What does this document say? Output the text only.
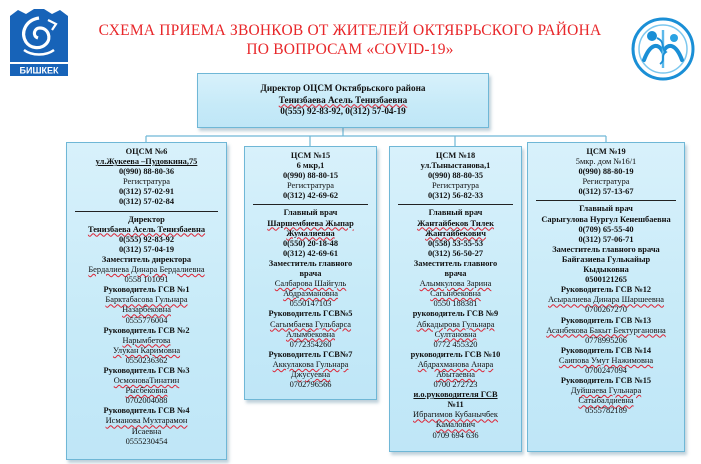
БИШКЕК
СХЕМА ПРИЕМА ЗВОНКОВ ОТ ЖИТЕЛЕЙ ОКТЯБРЬСКОГО РАЙОНА
ПО ВОПРОСАМ «COVID-19»
Директор ОЦСМ Октябрьского района
Тенизбаева Асель Тенизбаевна
0(555) 92-83-92, 0(312) 57-04-19
ОЦСМ №6
ул.Жукеева –Пудовкина,75
0(990) 88-80-36
Регистратура
0(312) 57-02-91
0(312) 57-02-84
Директор
Тенизбаева Асель Тенизбаевна
0(555) 92-83-92
0(312) 57-04-19
Заместитель директора
Бердалиева Динара Бердалиевна
0558 101091
Руководитель ГСВ №1
Барктабасова Гульнара
Назарбековна
0555776004
Руководитель ГСВ №2
Нарымбетова
Улукан Каримовна
0550236362
Руководитель ГСВ №3
ОсмоноваТинатин
Рысбековна
0702004088
Руководитель ГСВ №4
Исманова Мухтарамон
Исаевна
0555230454
ЦСМ №15
6 мкр,1
0(990) 88-80-15
Регистратура
0(312) 42-69-62
Главный врач
Шаршембиева Жыпар
Жумалиевна
0(550) 20-18-48
0(312) 42-69-61
Заместитель главного
врача
Салбарова Шайгуль
Абдразмановна
0550147103
Руководитель ГСВ№5
Сагымбаева Гульбарса
Алымбековна
0772354260
Руководитель ГСВ№7
Аккулакова Гульнара
Джусуевна
0702796566
ЦСМ №18
ул.Тыныстанова,1
0(990) 88-80-35
Регистратура
0(312) 56-82-33
Главный врач
Жантайбеков Тилек
Жантайбекович
0(558) 53-55-53
0(312) 56-50-27
Заместитель главного
врача
Алымкулова Зарина
Сагынбековна
0550 188381
руководитель ГСВ №9
Абкадырова Гульнара
Султановна
0772 455320
руководитель ГСВ №10
Абдрахманова Анара
Абытаевна
0700 272723
и.о.руководителя ГСВ
№11
Ибрагимов Кубанычбек
Камалович
0709 694 636
ЦСМ №19
5мкр. дом №16/1
0(990) 88-80-19
Регистратура
0(312) 57-13-67
Главный врач
Сарыгулова Нургул Кенешбаевна
0(709) 65-55-40
0(312) 57-06-71
Заместитель главного врача
Байгазиева Гулькайыр
Кыдыковна
0500121265
Руководитель ГСВ №12
Асыралиева Динара Шаршеевна
0700267270
Руководитель ГСВ №13
Асанбекова Бакыт Бектургановна
0778995206
Руководитель ГСВ №14
Саипова Умут Нажимовна
0700247094
Руководитель ГСВ №15
Дуйшаева Гульнара
Сатыбалдиевна
0555782189
